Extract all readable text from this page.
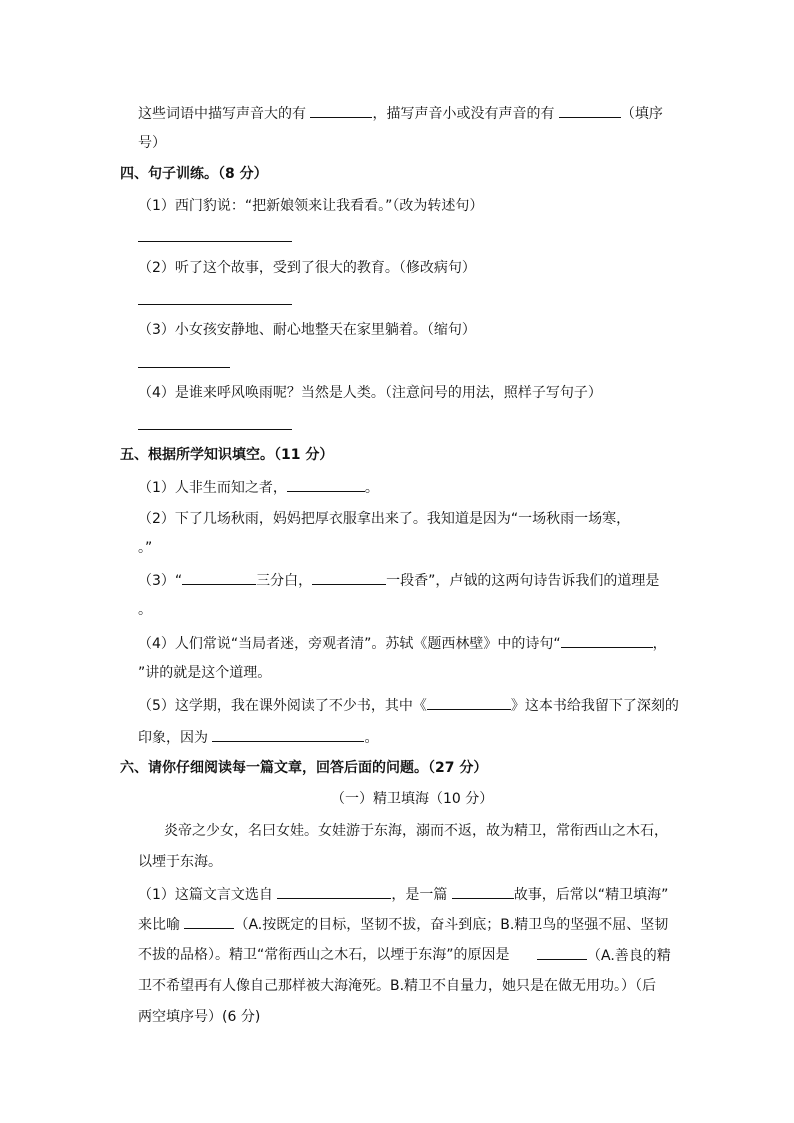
这些词语中描写声音大的有	，描写声音小或没有声音的有	（填序
号）
四、句子训练。（8 分）
（1）西门豹说：“把新娘领来让我看看。”（改为转述句）
（2）听了这个故事，受到了很大的教育。（修改病句）
（3）小女孩安静地、耐心地整天在家里躺着。（缩句）
（4）是谁来呼风唤雨呢？当然是人类。（注意问号的用法，照样子写句子）
五、根据所学知识填空。（11 分）
（1）人非生而知之者，	。
（2）下了几场秋雨，妈妈把厚衣服拿出来了。我知道是因为“一场秋雨一场寒，
。”
（3）“	三分白，	一段香”，卢钺的这两句诗告诉我们的道理是
。
（4）人们常说“当局者迷，旁观者清”。苏轼《题西林壁》中的诗句“	，
”讲的就是这个道理。
（5）这学期，我在课外阅读了不少书，其中《	》这本书给我留下了深刻的
印象，因为	。
六、请你仔细阅读每一篇文章，回答后面的问题。（27 分）
（一）精卫填海（10 分）
炎帝之少女，名曰女娃。女娃游于东海，溺而不返，故为精卫，常衔西山之木石，
以堙于东海。
（1）这篇文言文选自	，是一篇	故事，后常以“精卫填海”
来比喻	（A.按既定的目标，坚韧不拔，奋斗到底；B.精卫鸟的坚强不屈、坚韧
不拔的品格）。精卫“常衔西山之木石，以堙于东海”的原因是	（A.善良的精
卫不希望再有人像自己那样被大海淹死。B.精卫不自量力，她只是在做无用功。）（后
两空填序号）(6 分)
